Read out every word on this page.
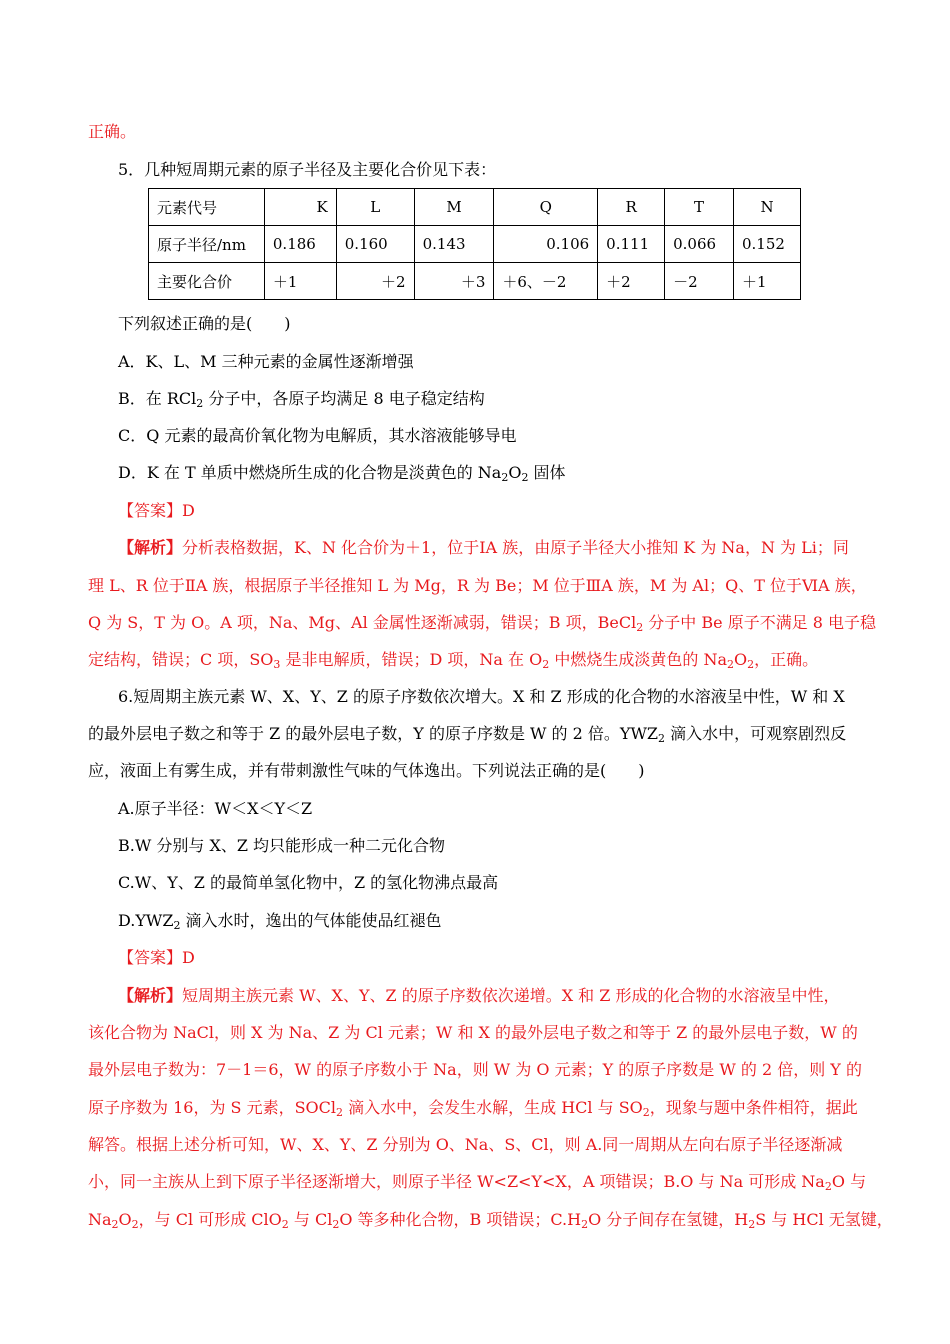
正确。
5．几种短周期元素的原子半径及主要化合价见下表：
元素代号	K	L	M	Q	R	T	N
原子半径/nm	0.186	0.160	0.143	0.106	0.111	0.066	0.152
主要化合价	＋1	＋2	＋3	＋6、－2	＋2	－2	＋1
下列叙述正确的是(　　)
A．K、L、M 三种元素的金属性逐渐增强
B．在 RCl$_2$ 分子中，各原子均满足 8 电子稳定结构
C．Q 元素的最高价氧化物为电解质，其水溶液能够导电
D．K 在 T 单质中燃烧所生成的化合物是淡黄色的 $Na_2O_2$ 固体
【答案】D
【解析】分析表格数据，K、N 化合价为＋1，位于ⅠA 族，由原子半径大小推知 K 为 Na，N 为 Li；同
理 L、R 位于ⅡA 族，根据原子半径推知 L 为 Mg，R 为 Be；M 位于ⅢA 族，M 为 Al；Q、T 位于ⅥA 族，
Q 为 S，T 为 O。A 项，Na、Mg、Al 金属性逐渐减弱，错误；B 项，BeCl$_2$ 分子中 Be 原子不满足 8 电子稳
定结构，错误；C 项，$SO_3$ 是非电解质，错误；D 项，Na 在 $O_2$ 中燃烧生成淡黄色的 $Na_2O_2$，正确。
6.短周期主族元素 W、X、Y、Z 的原子序数依次增大。X 和 Z 形成的化合物的水溶液呈中性，W 和 X
的最外层电子数之和等于 Z 的最外层电子数，Y 的原子序数是 W 的 2 倍。$YWZ_2$ 滴入水中，可观察剧烈反
应，液面上有雾生成，并有带刺激性气味的气体逸出。下列说法正确的是(　　)
A.原子半径：W＜X＜Y＜Z
B.W 分别与 X、Z 均只能形成一种二元化合物
C.W、Y、Z 的最简单氢化物中，Z 的氢化物沸点最高
$D.YWZ_2$ 滴入水时，逸出的气体能使品红褪色
【答案】D
【解析】短周期主族元素 W、X、Y、Z 的原子序数依次递增。X 和 Z 形成的化合物的水溶液呈中性，
该化合物为 NaCl，则 X 为 Na、Z 为 Cl 元素；W 和 X 的最外层电子数之和等于 Z 的最外层电子数，W 的
最外层电子数为：7－1＝6，W 的原子序数小于 Na，则 W 为 O 元素；Y 的原子序数是 W 的 2 倍，则 Y 的
原子序数为 16，为 S 元素，SOCl$_2$ 滴入水中，会发生水解，生成 HCl 与 $SO_2$，现象与题中条件相符，据此
解答。根据上述分析可知，W、X、Y、Z 分别为 O、Na、S、Cl，则 A.同一周期从左向右原子半径逐渐减
小，同一主族从上到下原子半径逐渐增大，则原子半径 W<Z<Y<X，A 项错误；B.O 与 Na 可形成 $Na_2O$ 与
$Na_2O_2$，与 Cl 可形成 ClO$_2$ 与 $Cl_2O$ 等多种化合物，B 项错误；$C.H_2O$ 分子间存在氢键，$H_2S$ 与 HCl 无氢键，
